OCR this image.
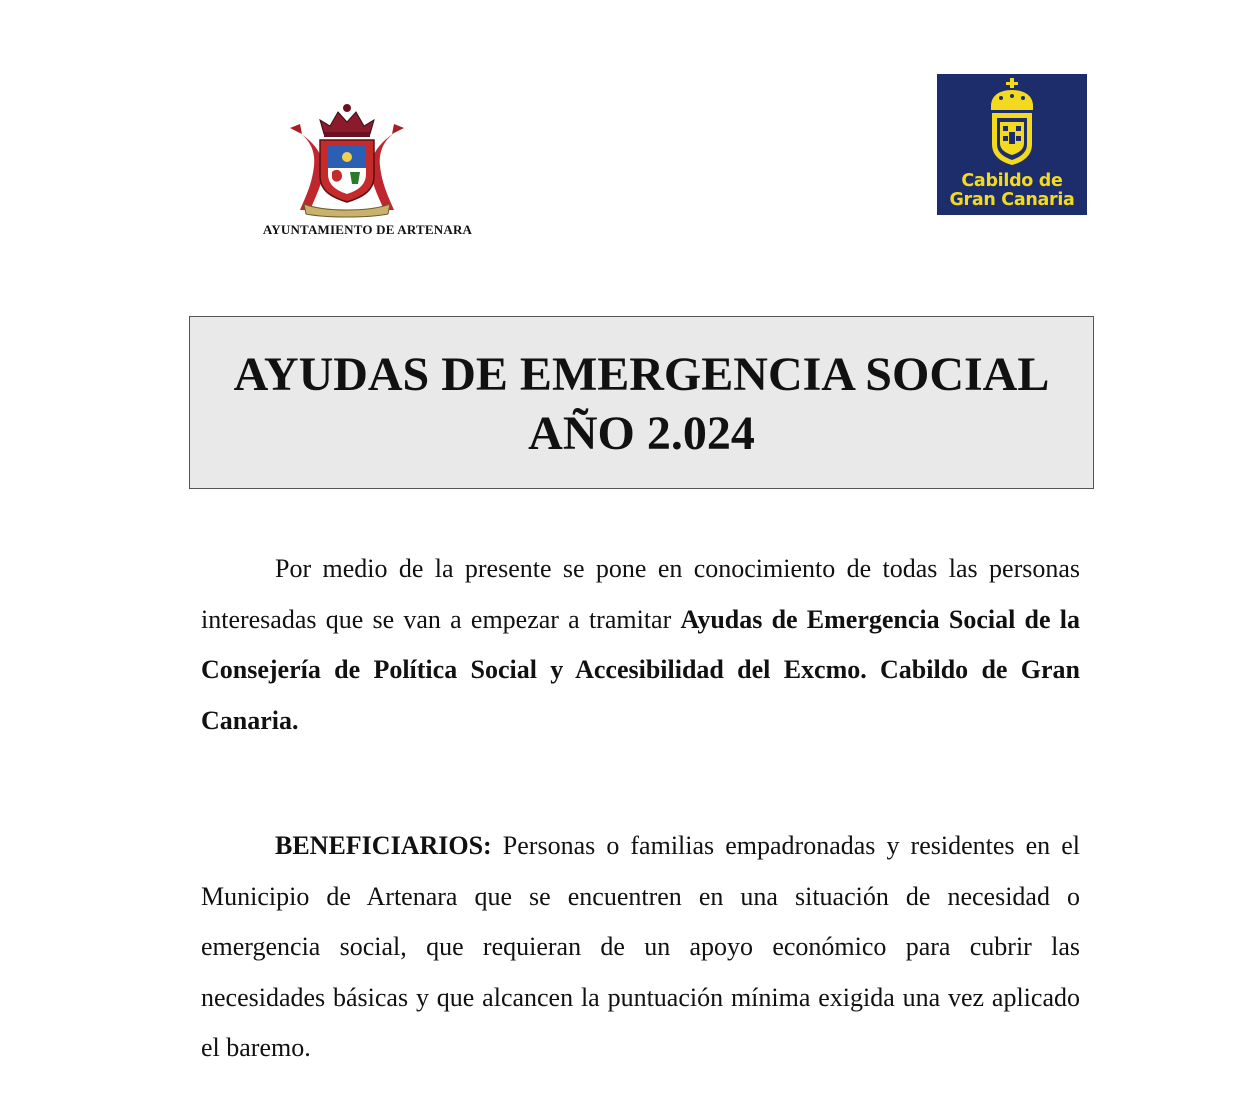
AYUNTAMIENTO DE ARTENARA
Cabildo de
Gran Canaria
AYUDAS DE EMERGENCIA SOCIAL
AÑO 2.024

Por medio de la presente se pone en conocimiento de todas las personas interesadas que se van a empezar a tramitar Ayudas de Emergencia Social de la Consejería de Política Social y Accesibilidad del Excmo. Cabildo de Gran Canaria.

BENEFICIARIOS: Personas o familias empadronadas y residentes en el Municipio de Artenara que se encuentren en una situación de necesidad o emergencia social, que requieran de un apoyo económico para cubrir las necesidades básicas y que alcancen la puntuación mínima exigida una vez aplicado el baremo.
